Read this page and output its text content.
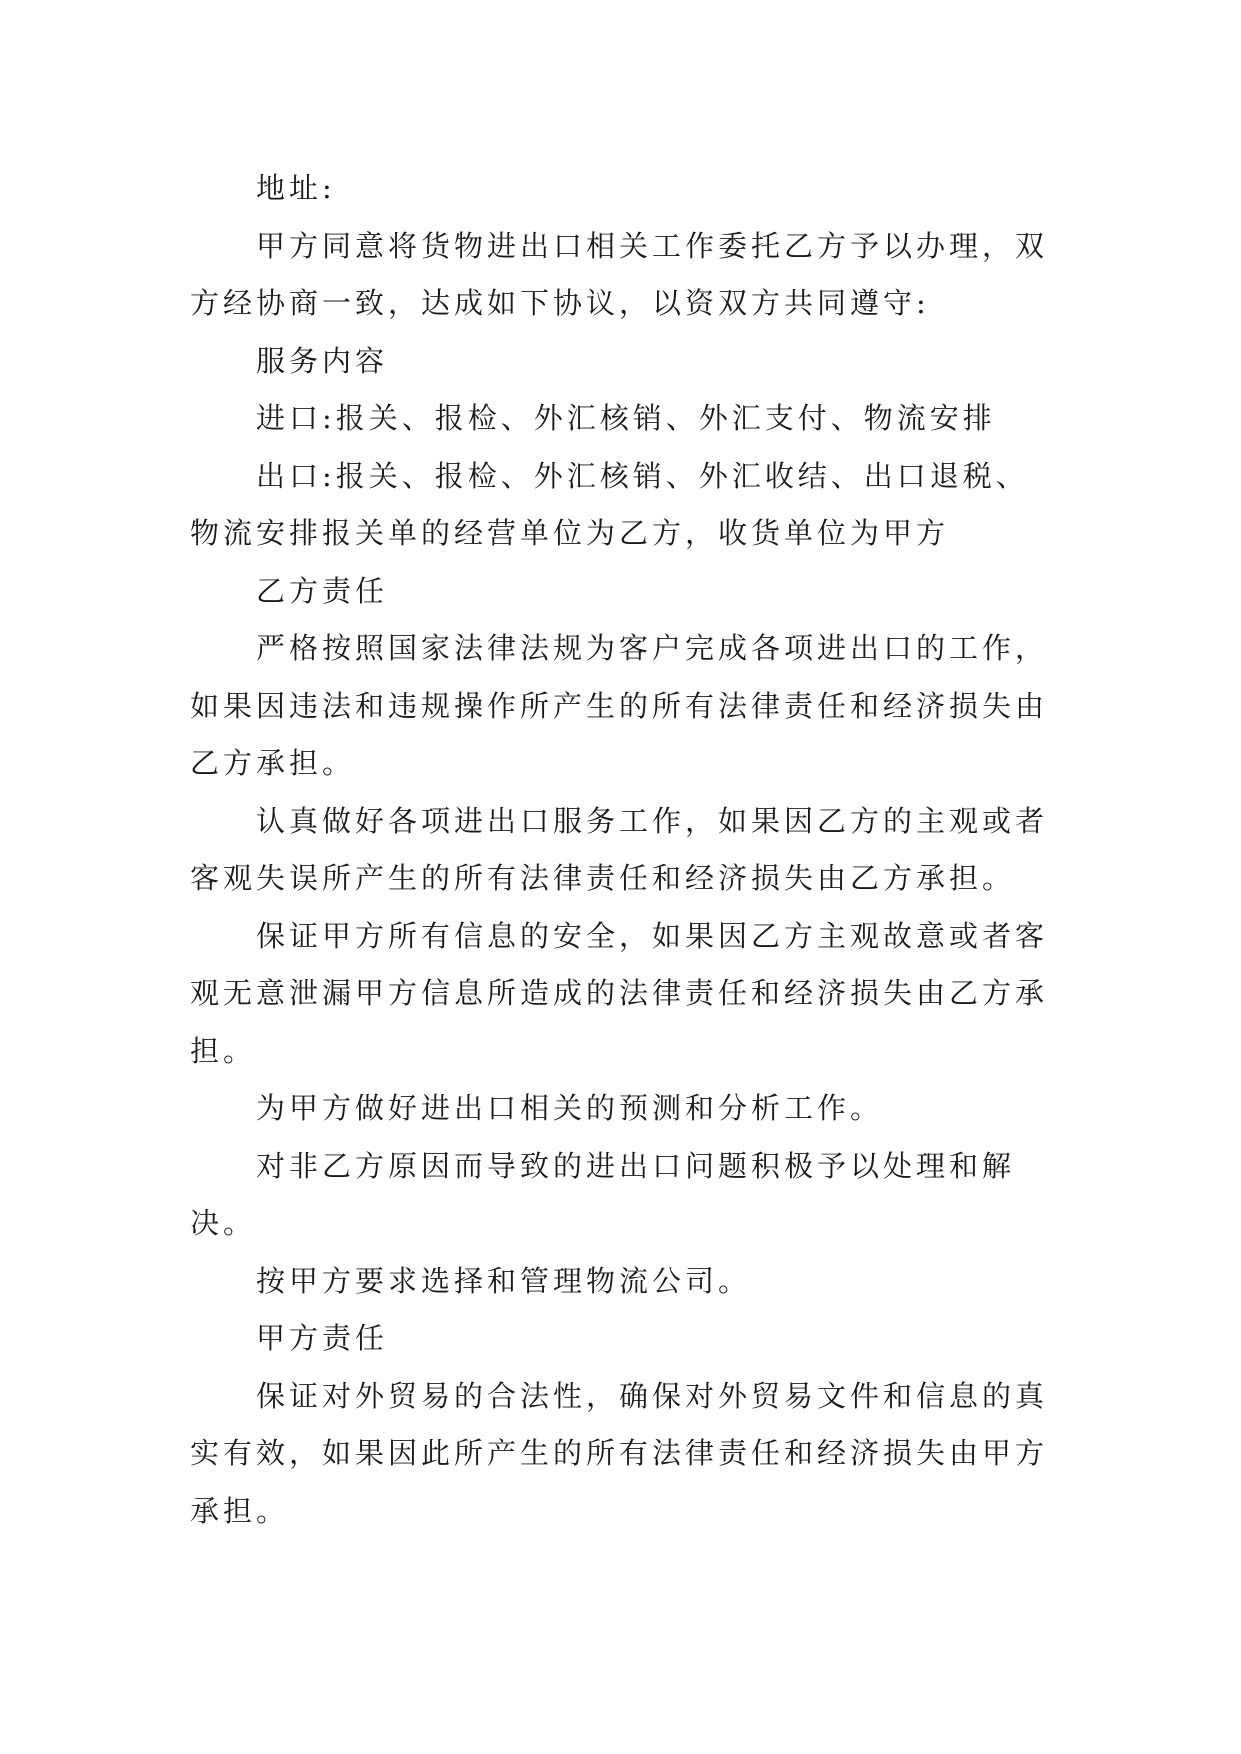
地址:

甲方同意将货物进出口相关工作委托乙方予以办理，双方经协商一致，达成如下协议，以资双方共同遵守:

服务内容

进口:报关、报检、外汇核销、外汇支付、物流安排

出口:报关、报检、外汇核销、外汇收结、出口退税、物流安排报关单的经营单位为乙方，收货单位为甲方

乙方责任

严格按照国家法律法规为客户完成各项进出口的工作，如果因违法和违规操作所产生的所有法律责任和经济损失由乙方承担。

认真做好各项进出口服务工作，如果因乙方的主观或者客观失误所产生的所有法律责任和经济损失由乙方承担。

保证甲方所有信息的安全，如果因乙方主观故意或者客观无意泄漏甲方信息所造成的法律责任和经济损失由乙方承担。

为甲方做好进出口相关的预测和分析工作。

对非乙方原因而导致的进出口问题积极予以处理和解决。

按甲方要求选择和管理物流公司。

甲方责任

保证对外贸易的合法性，确保对外贸易文件和信息的真实有效，如果因此所产生的所有法律责任和经济损失由甲方承担。
